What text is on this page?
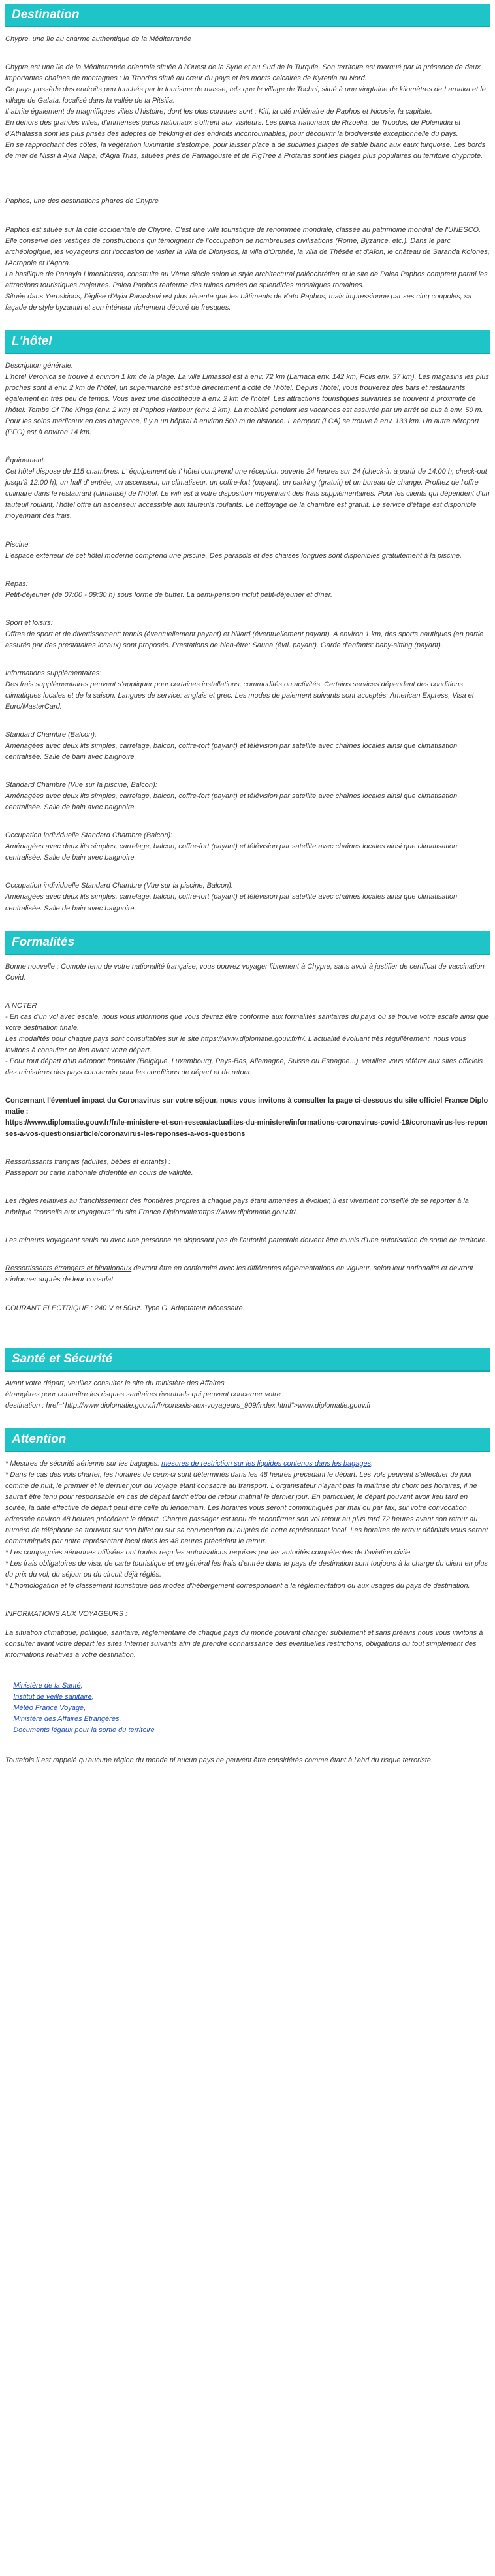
Destination

Chypre, une île au charme authentique de la Méditerranée

Chypre est une île de la Méditerranée orientale située à l'Ouest de la Syrie et au Sud de la Turquie. Son territoire est marqué par la présence de deux importantes chaînes de montagnes : la Troodos situé au cœur du pays et les monts calcaires de Kyrenia au Nord.
Ce pays possède des endroits peu touchés par le tourisme de masse, tels que le village de Tochni, situé à une vingtaine de kilomètres de Larnaka et le village de Galata, localisé dans la vallée de la Pitsilia.
Il abrite également de magnifiques villes d'histoire, dont les plus connues sont : Kiti, la cité millénaire de Paphos et Nicosie, la capitale.
En dehors des grandes villes, d'immenses parcs nationaux s'offrent aux visiteurs. Les parcs nationaux de Rizoelia, de Troodos, de Polemidia et d'Athalassa sont les plus prisés des adeptes de trekking et des endroits incontournables, pour découvrir la biodiversité exceptionnelle du pays.
En se rapprochant des côtes, la végétation luxuriante s'estompe, pour laisser place à de sublimes plages de sable blanc aux eaux turquoise. Les bords de mer de Nissi à Ayia Napa, d'Agia Trias, situées près de Famagouste et de FigTree à Protaras sont les plages plus populaires du territoire chypriote.

Paphos, une des destinations phares de Chypre

Paphos est située sur la côte occidentale de Chypre. C'est une ville touristique de renommée mondiale, classée au patrimoine mondial de l'UNESCO.
Elle conserve des vestiges de constructions qui témoignent de l'occupation de nombreuses civilisations (Rome, Byzance, etc.). Dans le parc archéologique, les voyageurs ont l'occasion de visiter la villa de Dionysos, la villa d'Orphée, la villa de Thésée et d'Aïon, le château de Saranda Kolones, l'Acropole et l'Agora.
La basilique de Panayia Limeniotissa, construite au Vème siècle selon le style architectural paléochrétien et le site de Palea Paphos comptent parmi les attractions touristiques majeures. Palea Paphos renferme des ruines ornées de splendides mosaïques romaines.
Située dans Yeroskipos, l'église d'Ayia Paraskevi est plus récente que les bâtiments de Kato Paphos, mais impressionne par ses cinq coupoles, sa façade de style byzantin et son intérieur richement décoré de fresques.

L'hôtel

Description générale:

L'hôtel Veronica se trouve à environ 1 km de la plage. La ville Limassol est à env. 72 km (Larnaca env. 142 km, Polis env. 37 km). Les magasins les plus proches sont à env. 2 km de l'hôtel, un supermarché est situé directement à côté de l'hôtel. Depuis l'hôtel, vous trouverez des bars et restaurants également en très peu de temps. Vous avez une discothèque à env. 2 km de l'hôtel. Les attractions touristiques suivantes se trouvent à proximité de l'hôtel: Tombs Of The Kings (env. 2 km) et Paphos Harbour (env. 2 km). La mobilité pendant les vacances est assurée par un arrêt de bus à env. 50 m. Pour les soins médicaux en cas d'urgence, il y a un hôpital à environ 500 m de distance. L'aéroport (LCA) se trouve à env. 133 km. Un autre aéroport (PFO) est à environ 14 km.

Équipement:

Cet hôtel dispose de 115 chambres. L' équipement de l' hôtel comprend une réception ouverte 24 heures sur 24 (check-in à partir de 14:00 h, check-out jusqu'à 12:00 h), un hall d' entrée, un ascenseur, un climatiseur, un coffre-fort (payant), un parking (gratuit) et un bureau de change. Profitez de l'offre culinaire dans le restaurant (climatisé) de l'hôtel. Le wifi est à votre disposition moyennant des frais supplémentaires. Pour les clients qui dépendent d'un fauteuil roulant, l'hôtel offre un ascenseur accessible aux fauteuils roulants. Le nettoyage de la chambre est gratuit. Le service d'étage est disponible moyennant des frais.

Piscine:

L'espace extérieur de cet hôtel moderne comprend une piscine. Des parasols et des chaises longues sont disponibles gratuitement à la piscine.

Repas:

Petit-déjeuner (de 07:00 - 09:30 h) sous forme de buffet. La demi-pension inclut petit-déjeuner et dîner.

Sport et loisirs:

Offres de sport et de divertissement: tennis (éventuellement payant) et billard (éventuellement payant). A environ 1 km, des sports nautiques (en partie assurés par des prestataires locaux) sont proposés. Prestations de bien-être: Sauna (évtl. payant). Garde d'enfants: baby-sitting (payant).

Informations supplémentaires:

Des frais supplémentaires peuvent s'appliquer pour certaines installations, commodités ou activités. Certains services dépendent des conditions climatiques locales et de la saison. Langues de service: anglais et grec. Les modes de paiement suivants sont acceptés: American Express, Visa et Euro/MasterCard.

Standard Chambre (Balcon):

Aménagées avec deux lits simples, carrelage, balcon, coffre-fort (payant) et télévision par satellite avec chaînes locales ainsi que climatisation centralisée. Salle de bain avec baignoire.

Standard Chambre (Vue sur la piscine, Balcon):

Aménagées avec deux lits simples, carrelage, balcon, coffre-fort (payant) et télévision par satellite avec chaînes locales ainsi que climatisation centralisée. Salle de bain avec baignoire.

Occupation individuelle Standard Chambre (Balcon):

Aménagées avec deux lits simples, carrelage, balcon, coffre-fort (payant) et télévision par satellite avec chaînes locales ainsi que climatisation centralisée. Salle de bain avec baignoire.

Occupation individuelle Standard Chambre (Vue sur la piscine, Balcon):

Aménagées avec deux lits simples, carrelage, balcon, coffre-fort (payant) et télévision par satellite avec chaînes locales ainsi que climatisation centralisée. Salle de bain avec baignoire.

Formalités

Bonne nouvelle : Compte tenu de votre nationalité française, vous pouvez voyager librement à Chypre, sans avoir à justifier de certificat de vaccination Covid.

A NOTER
- En cas d'un vol avec escale, nous vous informons que vous devrez être conforme aux formalités sanitaires du pays où se trouve votre escale ainsi que votre destination finale.
Les modalités pour chaque pays sont consultables sur le site https://www.diplomatie.gouv.fr/fr/. L'actualité évoluant très régulièrement, nous vous invitons à consulter ce lien avant votre départ.
- Pour tout départ d'un aéroport frontalier (Belgique, Luxembourg, Pays-Bas, Allemagne, Suisse ou Espagne...), veuillez vous référer aux sites officiels des ministères des pays concernés pour les conditions de départ et de retour.

Concernant l'éventuel impact du Coronavirus sur votre séjour, nous vous invitons à consulter la page ci-dessous du site officiel France Diplomatie :
https://www.diplomatie.gouv.fr/fr/le-ministere-et-son-reseau/actualites-du-ministere/informations-coronavirus-covid-19/coronavirus-les-reponses-a-vos-questions/article/coronavirus-les-reponses-a-vos-questions

Ressortissants français (adultes, bébés et enfants) :

Passeport ou carte nationale d'identité en cours de validité.

Les règles relatives au franchissement des frontières propres à chaque pays étant amenées à évoluer, il est vivement conseillé de se reporter à la rubrique "conseils aux voyageurs" du site France Diplomatie:https://www.diplomatie.gouv.fr/.

Les mineurs voyageant seuls ou avec une personne ne disposant pas de l'autorité parentale doivent être munis d'une autorisation de sortie de territoire.

Ressortissants étrangers et binationaux devront être en conformité avec les différentes réglementations en vigueur, selon leur nationalité et devront s'informer auprès de leur consulat.

COURANT ELECTRIQUE : 240 V et 50Hz. Type G. Adaptateur nécessaire.

Santé et Sécurité

Avant votre départ, veuillez consulter le site du ministère des Affaires
étrangères pour connaître les risques sanitaires éventuels qui peuvent concerner votre
destination : href="http://www.diplomatie.gouv.fr/fr/conseils-aux-voyageurs_909/index.html">www.diplomatie.gouv.fr

Attention

* Mesures de sécurité aérienne sur les bagages: mesures de restriction sur les liquides contenus dans les bagages.

* Dans le cas des vols charter, les horaires de ceux-ci sont déterminés dans les 48 heures précédant le départ. Les vols peuvent s'effectuer de jour comme de nuit, le premier et le dernier jour du voyage étant consacré au transport. L'organisateur n'ayant pas la maîtrise du choix des horaires, il ne saurait être tenu pour responsable en cas de départ tardif et/ou de retour matinal le dernier jour. En particulier, le départ pouvant avoir lieu tard en soirée, la date effective de départ peut être celle du lendemain. Les horaires vous seront communiqués par mail ou par fax, sur votre convocation adressée environ 48 heures précédant le départ. Chaque passager est tenu de reconfirmer son vol retour au plus tard 72 heures avant son retour au numéro de téléphone se trouvant sur son billet ou sur sa convocation ou auprès de notre représentant local. Les horaires de retour définitifs vous seront communiqués par notre représentant local dans les 48 heures précédant le retour.
* Les compagnies aériennes utilisées ont toutes reçu les autorisations requises par les autorités compétentes de l'aviation civile.
* Les frais obligatoires de visa, de carte touristique et en général les frais d'entrée dans le pays de destination sont toujours à la charge du client en plus du prix du vol, du séjour ou du circuit déjà réglés.
* L'homologation et le classement touristique des modes d'hébergement correspondent à la réglementation ou aux usages du pays de destination.

INFORMATIONS AUX VOYAGEURS :

La situation climatique, politique, sanitaire, réglementaire de chaque pays du monde pouvant changer subitement et sans préavis nous vous invitons à consulter avant votre départ les sites Internet suivants afin de prendre connaissance des éventuelles restrictions, obligations ou tout simplement des informations relatives à votre destination.

Ministère de la Santé,
Institut de veille sanitaire,
Météo France Voyage,
Ministère des Affaires Etrangères,
Documents légaux pour la sortie du territoire

Toutefois il est rappelé qu'aucune région du monde ni aucun pays ne peuvent être considérés comme étant à l'abri du risque terroriste.
